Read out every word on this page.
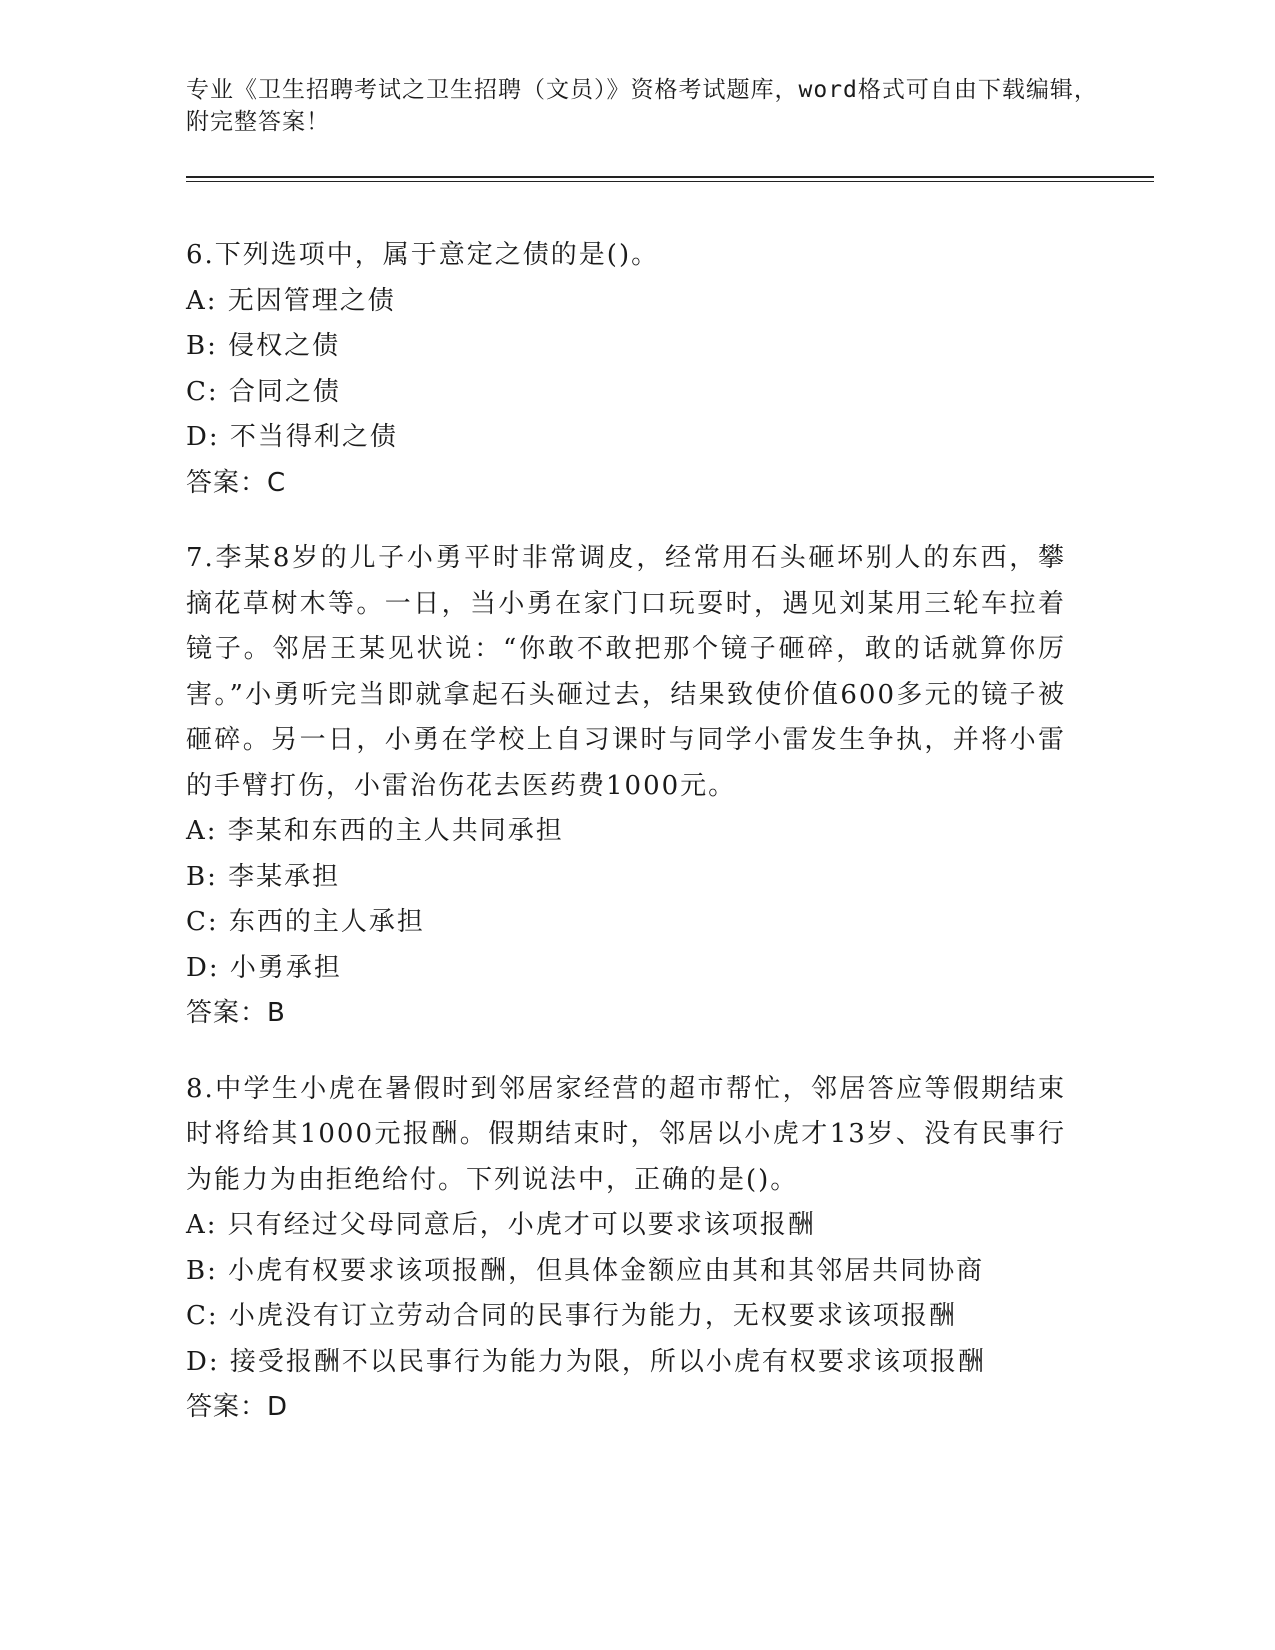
专业《卫生招聘考试之卫生招聘（文员）》资格考试题库，word格式可自由下载编辑，附完整答案！
6.下列选项中，属于意定之债的是()。
A: 无因管理之债
B: 侵权之债
C: 合同之债
D: 不当得利之债
答案：C
7.李某8岁的儿子小勇平时非常调皮，经常用石头砸坏别人的东西，攀摘花草树木等。一日，当小勇在家门口玩耍时，遇见刘某用三轮车拉着镜子。邻居王某见状说：“你敢不敢把那个镜子砸碎，敢的话就算你厉害。”小勇听完当即就拿起石头砸过去，结果致使价值600多元的镜子被砸碎。另一日，小勇在学校上自习课时与同学小雷发生争执，并将小雷的手臂打伤，小雷治伤花去医药费1000元。
A: 李某和东西的主人共同承担
B: 李某承担
C: 东西的主人承担
D: 小勇承担
答案：B
8.中学生小虎在暑假时到邻居家经营的超市帮忙，邻居答应等假期结束时将给其1000元报酬。假期结束时，邻居以小虎才13岁、没有民事行为能力为由拒绝给付。下列说法中，正确的是()。
A: 只有经过父母同意后，小虎才可以要求该项报酬
B: 小虎有权要求该项报酬，但具体金额应由其和其邻居共同协商
C: 小虎没有订立劳动合同的民事行为能力，无权要求该项报酬
D: 接受报酬不以民事行为能力为限，所以小虎有权要求该项报酬
答案：D
